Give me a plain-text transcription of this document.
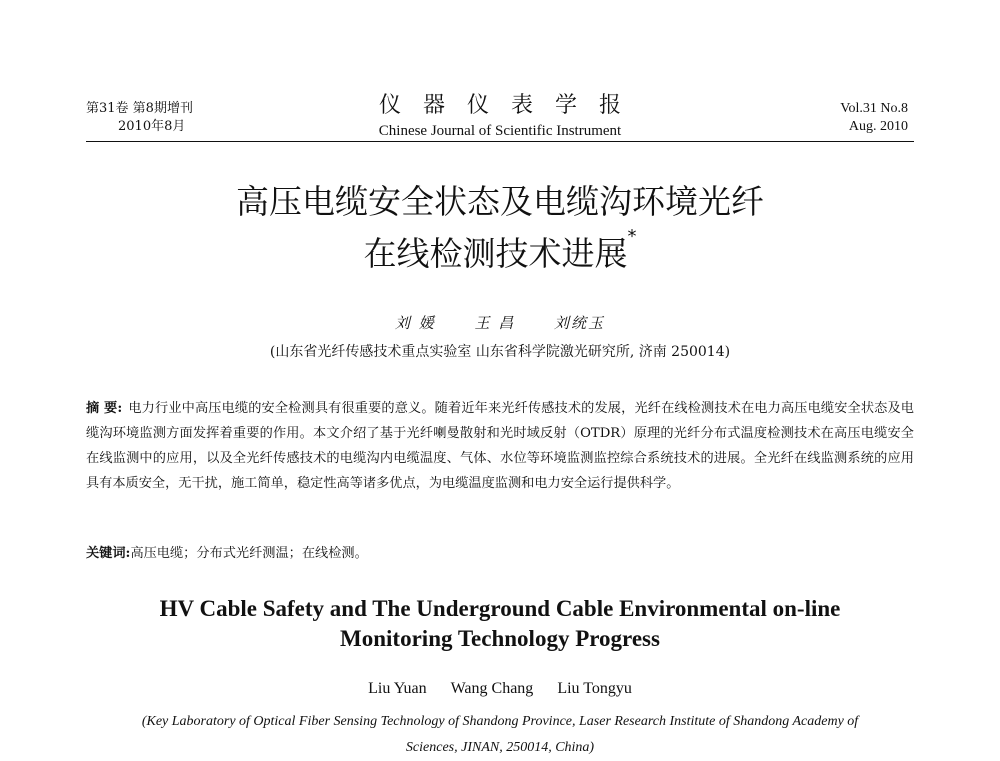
第31卷 第8期增刊
2010年8月
仪器仪表学报
Chinese Journal of Scientific Instrument
Vol.31 No.8
Aug. 2010
高压电缆安全状态及电缆沟环境光纤
在线检测技术进展*
刘 媛	王 昌	刘统玉
(山东省光纤传感技术重点实验室 山东省科学院激光研究所, 济南 250014)
摘 要: 电力行业中高压电缆的安全检测具有很重要的意义。随着近年来光纤传感技术的发展，光纤在线检测技术在电力高压电缆安全状态及电缆沟环境监测方面发挥着重要的作用。本文介绍了基于光纤喇曼散射和光时域反射（OTDR）原理的光纤分布式温度检测技术在高压电缆安全在线监测中的应用，以及全光纤传感技术的电缆沟内电缆温度、气体、水位等环境监测监控综合系统技术的进展。全光纤在线监测系统的应用具有本质安全，无干扰，施工简单，稳定性高等诸多优点，为电缆温度监测和电力安全运行提供科学。
关键词:高压电缆；分布式光纤测温；在线检测。
HV Cable Safety and The Underground Cable Environmental on-line
Monitoring Technology Progress
Liu Yuan Wang Chang Liu Tongyu
(Key Laboratory of Optical Fiber Sensing Technology of Shandong Province, Laser Research Institute of Shandong Academy of
Sciences, JINAN, 250014, China)
